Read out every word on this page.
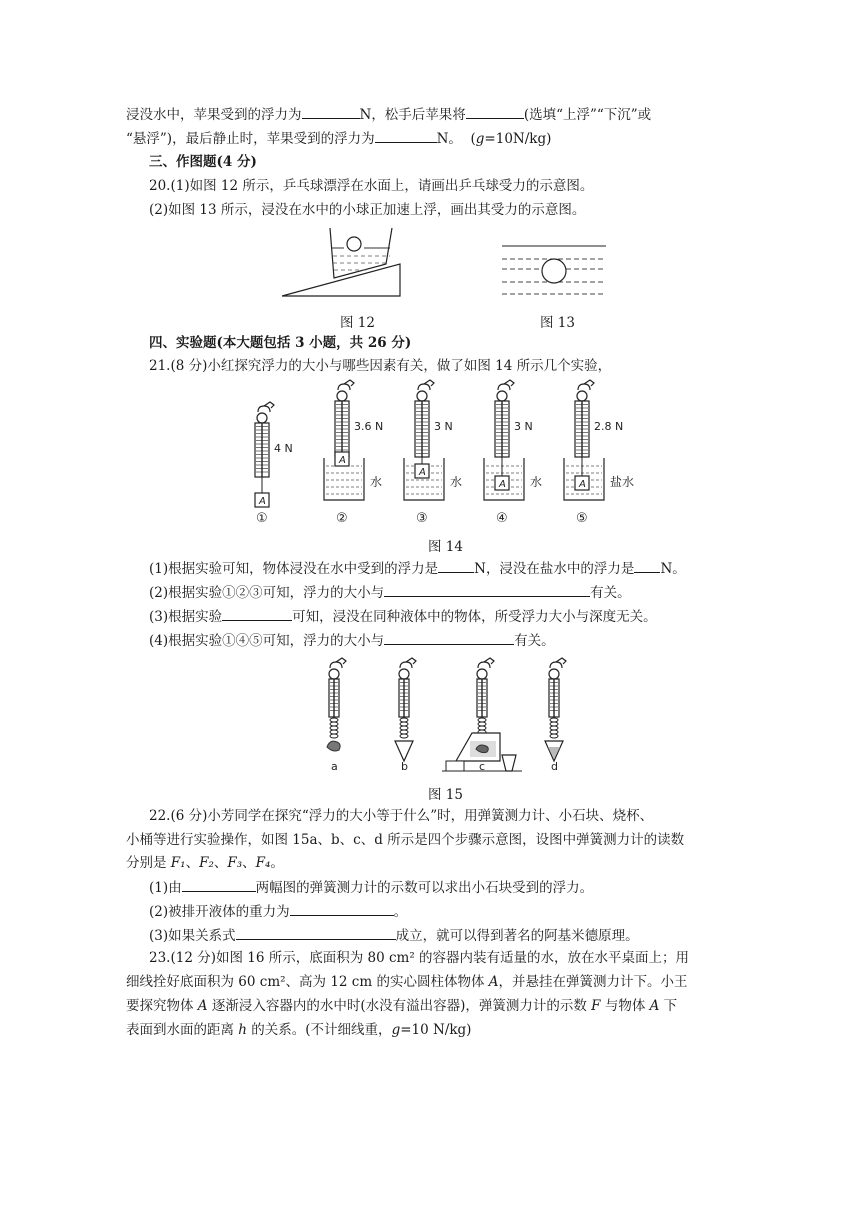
浸没水中，苹果受到的浮力为	N，松手后苹果将	(选填“上浮”“下沉”或
“悬浮”)，最后静止时，苹果受到的浮力为	N。 (g=10N/kg)
三、作图题(4 分)
20.(1)如图 12 所示，乒乓球漂浮在水面上，请画出乒乓球受力的示意图。
(2)如图 13 所示，浸没在水中的小球正加速上浮，画出其受力的示意图。
图 12	图 13
四、实验题(本大题包括 3 小题，共 26 分)
21.(8 分)小红探究浮力的大小与哪些因素有关，做了如图 14 所示几个实验，
4 N
A
①
3.6 N
A
水
②
3 N
A
水
③
3 N
A 水
④
2.8 N
A 盐水
⑤
图 14
(1)根据实验可知，物体浸没在水中受到的浮力是	N，浸没在盐水中的浮力是 N。
(2)根据实验①②③可知，浮力的大小与	有关。
(3)根据实验	可知，浸没在同种液体中的物体，所受浮力大小与深度无关。
(4)根据实验①④⑤可知，浮力的大小与	有关。
a	b	c	d
图 15
22.(6 分)小芳同学在探究“浮力的大小等于什么”时，用弹簧测力计、小石块、烧杯、
小桶等进行实验操作，如图 15a、b、c、d 所示是四个步骤示意图，设图中弹簧测力计的读数
分别是 F₁、F₂、F₃、F₄。
(1)由	两幅图的弹簧测力计的示数可以求出小石块受到的浮力。
(2)被排开液体的重力为	。
(3)如果关系式	成立，就可以得到著名的阿基米德原理。
23.(12 分)如图 16 所示，底面积为 80 cm² 的容器内装有适量的水，放在水平桌面上；用
细线拴好底面积为 60 cm²、高为 12 cm 的实心圆柱体物体 A，并悬挂在弹簧测力计下。小王
要探究物体 A 逐渐浸入容器内的水中时(水没有溢出容器)，弹簧测力计的示数 F 与物体 A 下
表面到水面的距离 h 的关系。(不计细线重，g=10 N/kg)
